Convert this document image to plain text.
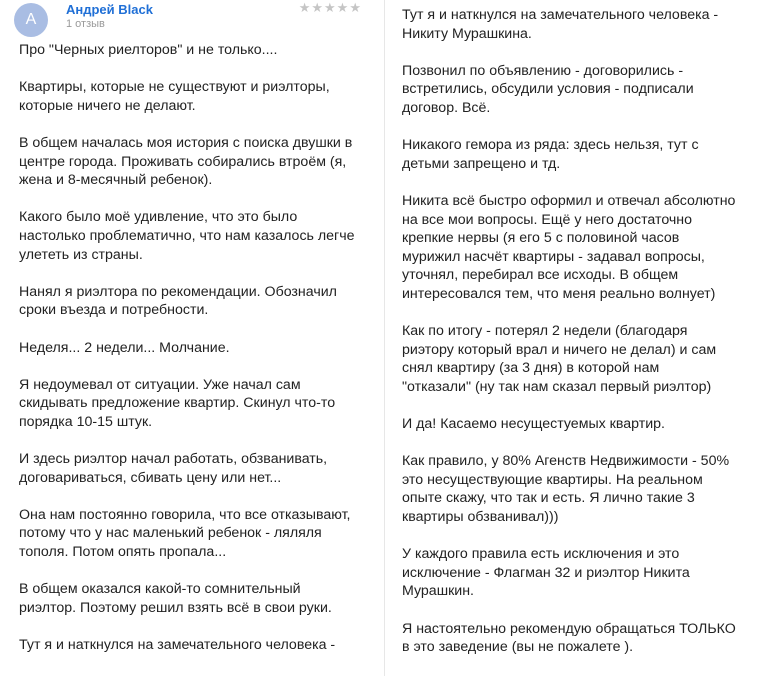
А
Андрей Black
1 отзыв
★★★★★
Про "Черных риелторов" и не только....

Квартиры, которые не существуют и риэлторы,
которые ничего не делают.

В общем началась моя история с поиска двушки в
центре города. Проживать собирались втроём (я,
жена и 8-месячный ребенок).

Какого было моё удивление, что это было
настолько проблематично, что нам казалось легче
улететь из страны.

Нанял я риэлтора по рекомендации. Обозначил
сроки въезда и потребности.

Неделя... 2 недели... Молчание.

Я недоумевал от ситуации. Уже начал сам
скидывать предложение квартир. Скинул что-то
порядка 10-15 штук.

И здесь риэлтор начал работать, обзванивать,
договариваться, сбивать цену или нет...

Она нам постоянно говорила, что все отказывают,
потому что у нас маленький ребенок - ляляля
тополя. Потом опять пропала...

В общем оказался какой-то сомнительный
риэлтор. Поэтому решил взять всё в свои руки.

Тут я и наткнулся на замечательного человека -
Тут я и наткнулся на замечательного человека -
Никиту Мурашкина.

Позвонил по объявлению - договорились -
встретились, обсудили условия - подписали
договор. Всё.

Никакого гемора из ряда: здесь нельзя, тут с
детьми запрещено и тд.

Никита всё быстро оформил и отвечал абсолютно
на все мои вопросы. Ещё у него достаточно
крепкие нервы (я его 5 с половиной часов
мурижил насчёт квартиры - задавал вопросы,
уточнял, перебирал все исходы. В общем
интересовался тем, что меня реально волнует)

Как по итогу - потерял 2 недели (благодаря
риэтору который врал и ничего не делал) и сам
снял квартиру (за 3 дня) в которой нам
"отказали" (ну так нам сказал первый риэлтор)

И да! Касаемо несущестуемых квартир.

Как правило, у 80% Агенств Недвижимости - 50%
это несуществующие квартиры. На реальном
опыте скажу, что так и есть. Я лично такие 3
квартиры обзванивал)))

У каждого правила есть исключения и это
исключение - Флагман 32 и риэлтор Никита
Мурашкин.

Я настоятельно рекомендую обращаться ТОЛЬКО
в это заведение (вы не пожалете ).
